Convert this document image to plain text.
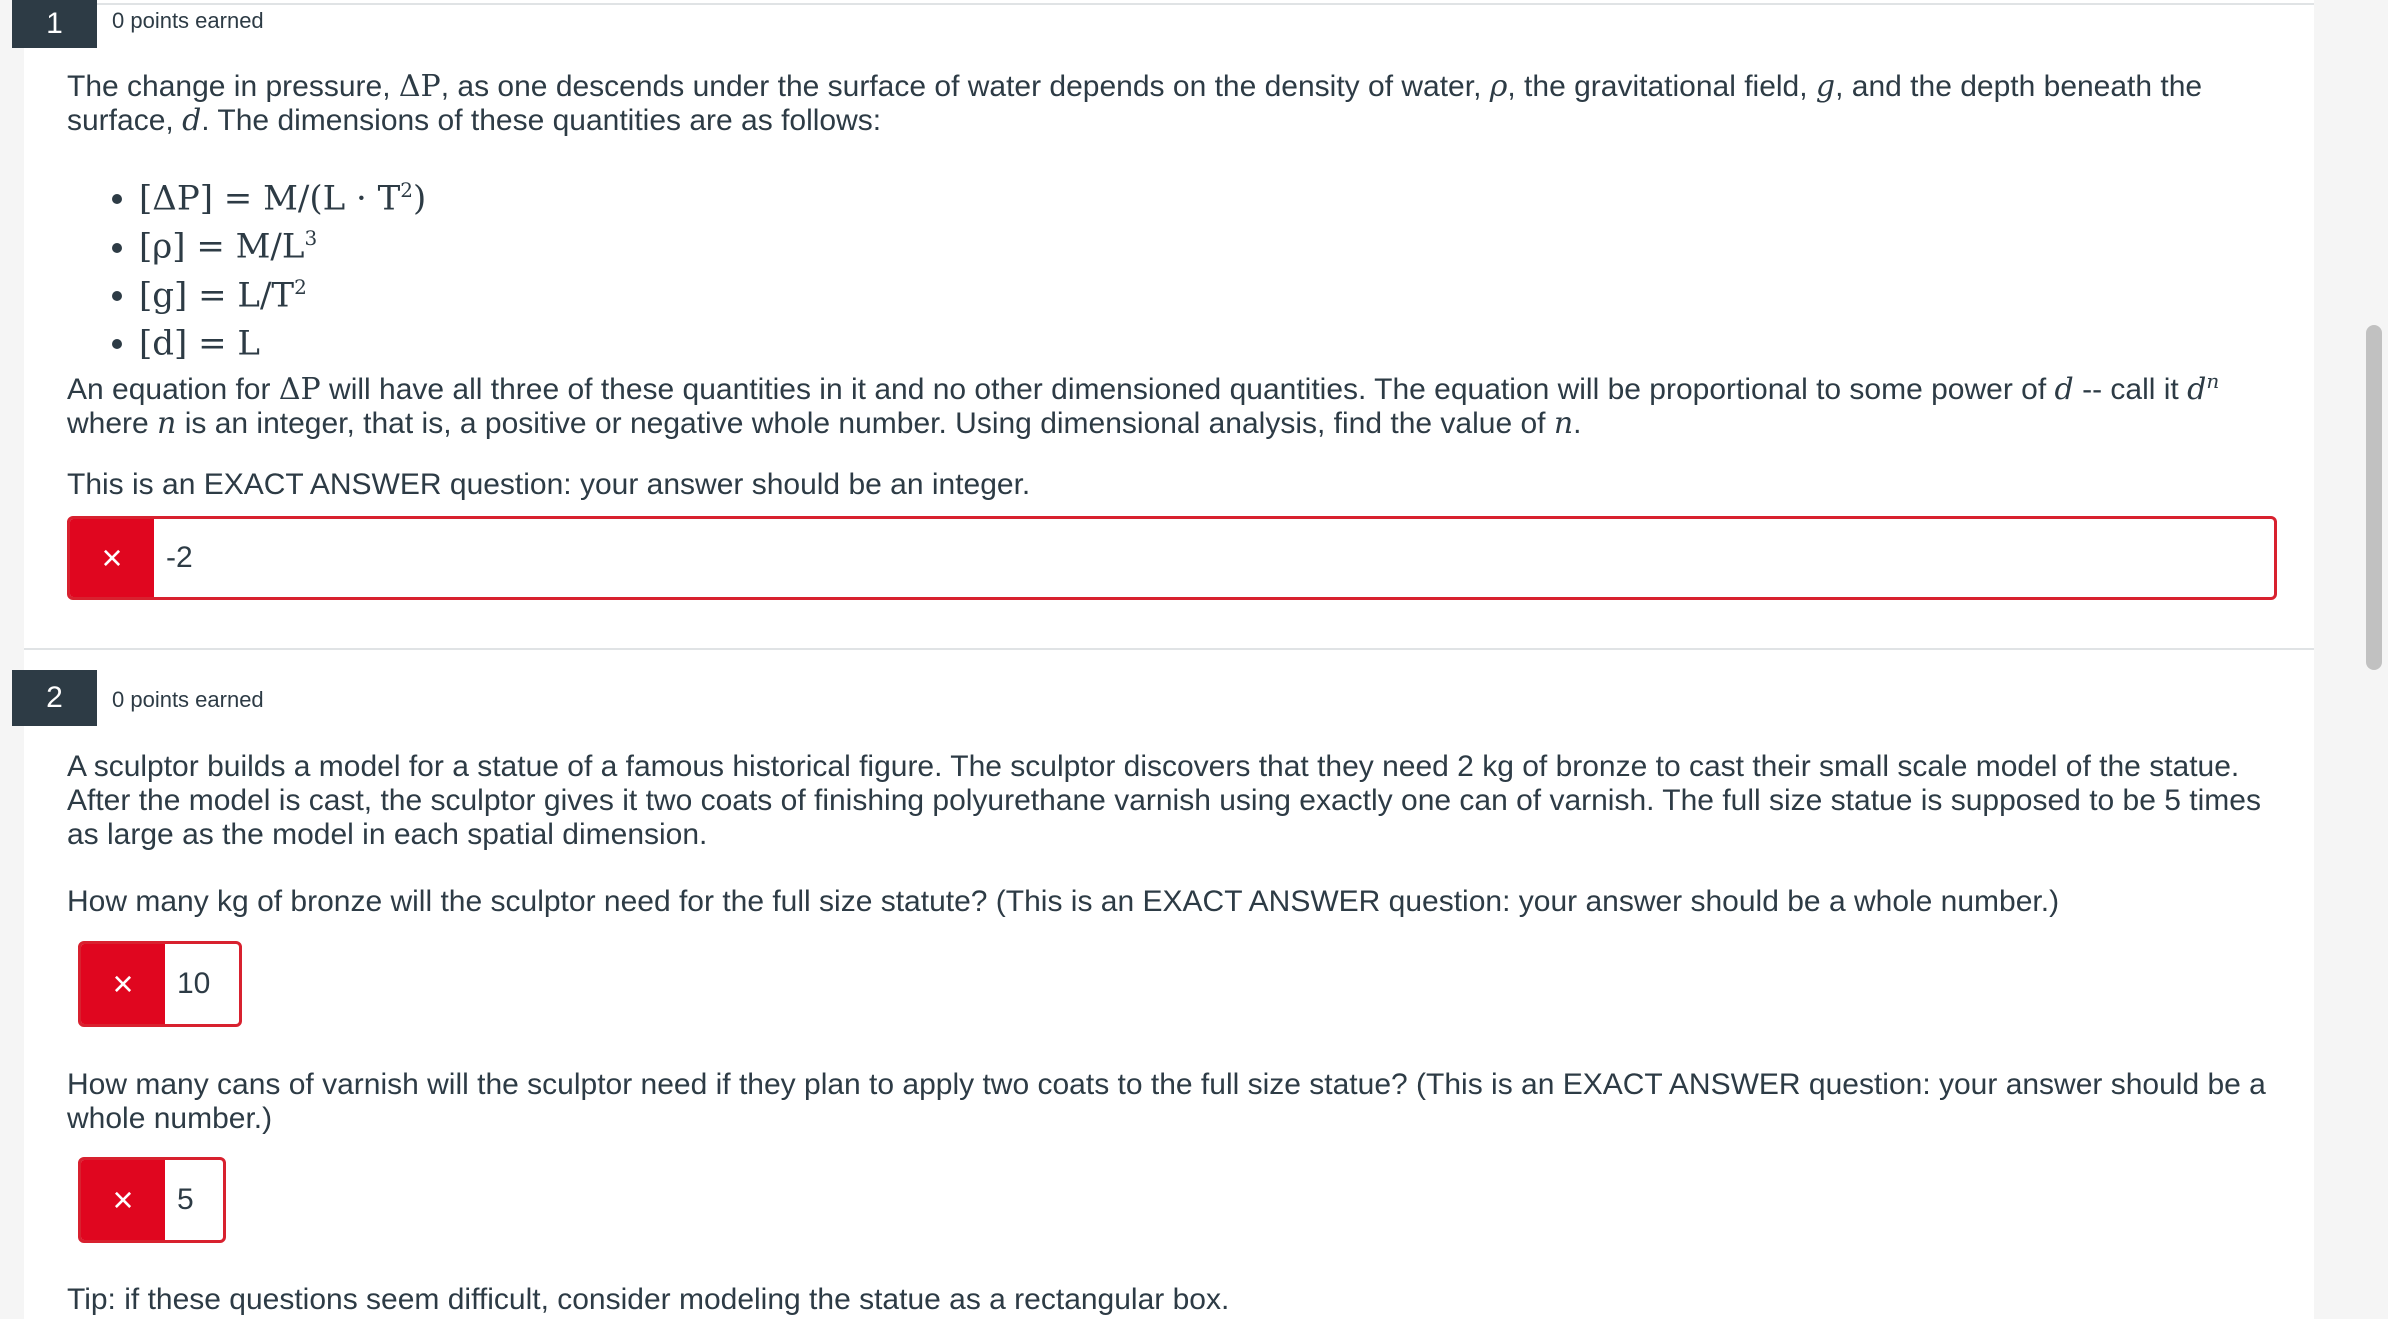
1	0 points earned
The change in pressure, ΔP, as one descends under the surface of water depends on the density of water, ρ, the gravitational field, g, and the depth beneath the surface, d. The dimensions of these quantities are as follows:
• $[\Delta P] = M/(L \cdot T^2)$
• $[\rho] = M/L^3$
• $[g] = L/T^2$
• [d] = L
An equation for ΔP will have all three of these quantities in it and no other dimensioned quantities. The equation will be proportional to some power of d -- call it $d^n$ where n is an integer, that is, a positive or negative whole number. Using dimensional analysis, find the value of n.
This is an EXACT ANSWER question: your answer should be an integer.
×	-2
2	0 points earned
A sculptor builds a model for a statue of a famous historical figure. The sculptor discovers that they need 2 kg of bronze to cast their small scale model of the statue. After the model is cast, the sculptor gives it two coats of finishing polyurethane varnish using exactly one can of varnish. The full size statue is supposed to be 5 times as large as the model in each spatial dimension.
How many kg of bronze will the sculptor need for the full size statute? (This is an EXACT ANSWER question: your answer should be a whole number.)
×	10
How many cans of varnish will the sculptor need if they plan to apply two coats to the full size statue? (This is an EXACT ANSWER question: your answer should be a whole number.)
×	5
Tip: if these questions seem difficult, consider modeling the statue as a rectangular box.
